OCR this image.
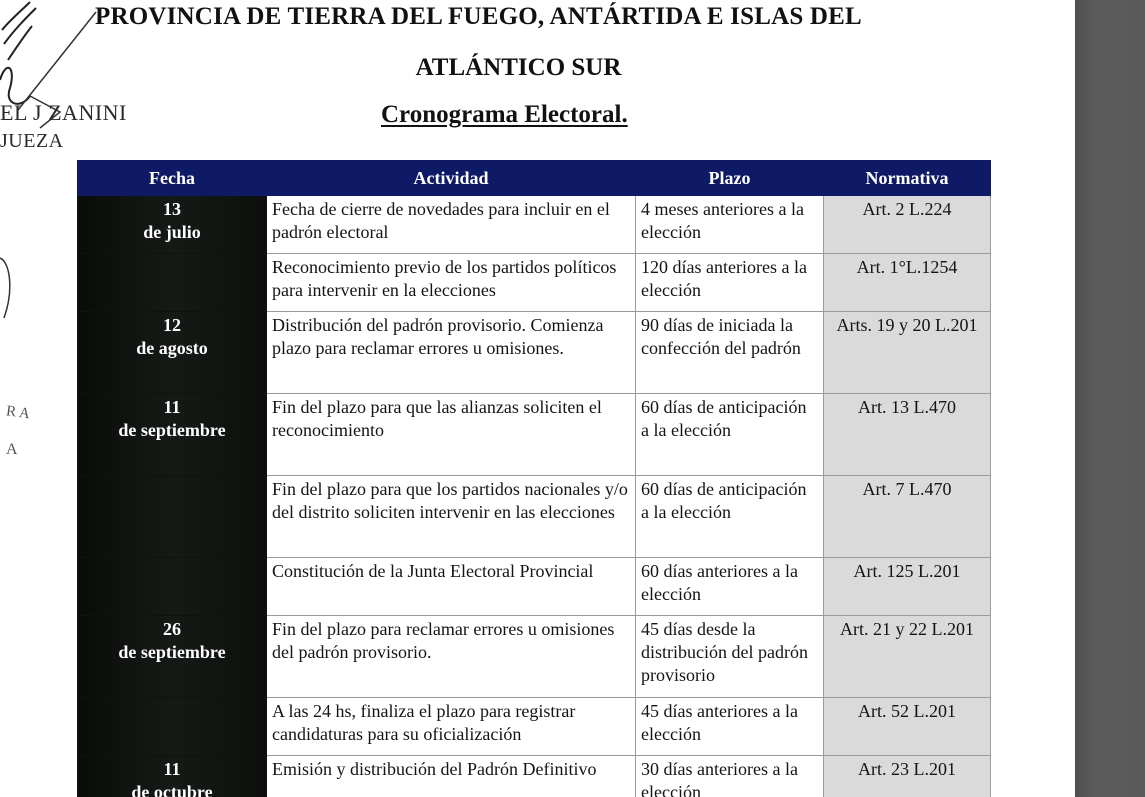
EL J ZANINI
JUEZA
RA
A
PROVINCIA DE TIERRA DEL FUEGO, ANTÁRTIDA E ISLAS DEL
ATLÁNTICO SUR
Cronograma Electoral.
Fecha	Actividad	Plazo	Normativa

13
de julio	Fecha de cierre de novedades para incluir en el padrón electoral	4 meses anteriores a la elección	Art. 2 L.224

	Reconocimiento previo de los partidos políticos para intervenir en la elecciones	120 días anteriores a la elección	Art. 1°L.1254

12
de agosto	Distribución del padrón provisorio. Comienza plazo para reclamar errores u omisiones.	90 días de iniciada la confección del padrón	Arts. 19 y 20 L.201

11
de septiembre	Fin del plazo para que las alianzas soliciten el reconocimiento	60 días de anticipación a la elección	Art. 13 L.470

	Fin del plazo para que los partidos nacionales y/o del distrito soliciten intervenir en las elecciones	60 días de anticipación a la elección	Art. 7 L.470

	Constitución de la Junta Electoral Provincial	60 días anteriores a la elección	Art. 125 L.201

26
de septiembre	Fin del plazo para reclamar errores u omisiones del padrón provisorio.	45 días desde la distribución del padrón provisorio	Art. 21 y 22 L.201

	A las 24 hs, finaliza el plazo para registrar candidaturas para su oficialización	45 días anteriores a la elección	Art. 52 L.201

11
de octubre	Emisión y distribución del Padrón Definitivo	30 días anteriores a la elección	Art. 23 L.201
